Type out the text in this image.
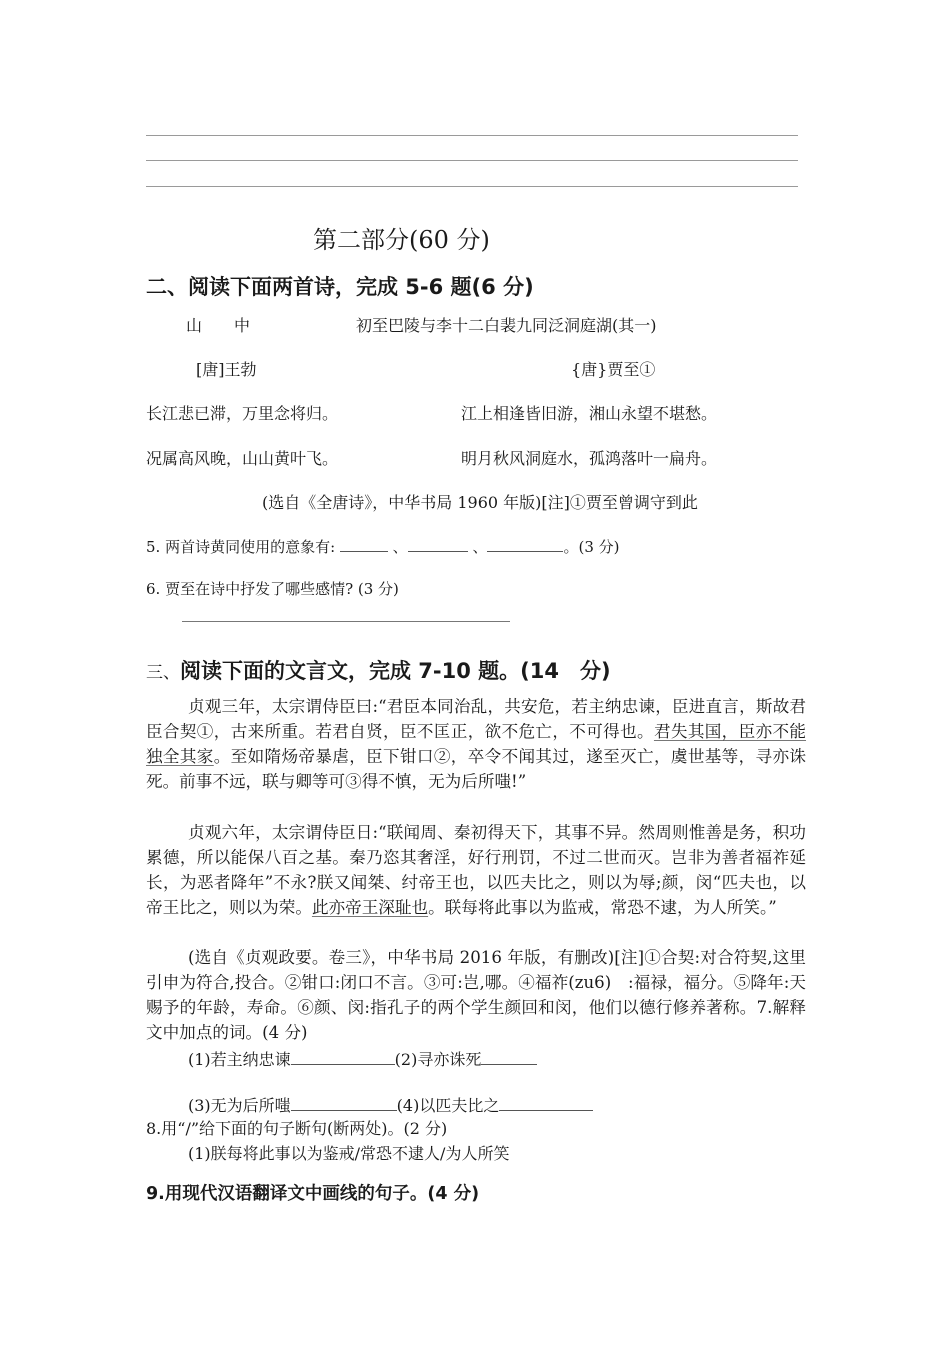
第二部分(60 分)
二、阅读下面两首诗，完成 5-6 题(6 分)
山　　中	初至巴陵与李十二白裴九同泛洞庭湖(其一)
[唐]王勃	{唐}贾至①
长江悲已滞，万里念将归。	江上相逢皆旧游，湘山永望不堪愁。
况属高风晚，山山黄叶飞。	明月秋风洞庭水，孤鸿落叶一扁舟。
(选自《全唐诗》，中华书局 1960 年版)[注]①贾至曾调守到此
5. 两首诗黄同使用的意象有:	、	、	。(3 分)
6. 贾至在诗中抒发了哪些感情? (3 分)
三、阅读下面的文言文，完成 7-10 题。(14　分)
贞观三年，太宗谓侍臣曰:“君臣本同治乱，共安危，若主纳忠谏，臣进直言，斯故君臣合契①，古来所重。若君自贤，臣不匡正，欲不危亡，不可得也。君失其国，臣亦不能独全其家。至如隋炀帝暴虐，臣下钳口②，卒令不闻其过，遂至灭亡，虞世基等，寻亦诛死。前事不远，联与卿等可③得不慎，无为后所嗤!”
贞观六年，太宗谓侍臣日:“联闻周、秦初得天下，其事不异。然周则惟善是务，积功累德，所以能保八百之基。秦乃恣其奢淫，好行刑罚，不过二世而灭。岂非为善者福祚延长，为恶者降年”不永?朕又闻桀、纣帝王也，以匹夫比之，则以为辱;颜，闵“匹夫也，以帝王比之，则以为荣。此亦帝王深耻也。联每将此事以为监戒，常恐不逮，为人所笑。”
(选自《贞观政要。卷三》，中华书局 2016 年版，有删改)[注]①合契:对合符契,这里引申为符合,投合。②钳口:闭口不言。③可:岂,哪。④福祚(zu6)　:福禄，福分。⑤降年:天赐予的年龄，寿命。⑥颜、闵:指孔子的两个学生颜回和闵，他们以德行修养著称。7.解释文中加点的词。(4 分)
(1)若主纳忠谏	(2)寻亦诛死
(3)无为后所嗤	(4)以匹夫比之
8.用“/”给下面的句子断句(断两处)。(2 分)
(1)朕每将此事以为鉴戒/常恐不逮人/为人所笑
9.用现代汉语翻译文中画线的句子。(4 分)
